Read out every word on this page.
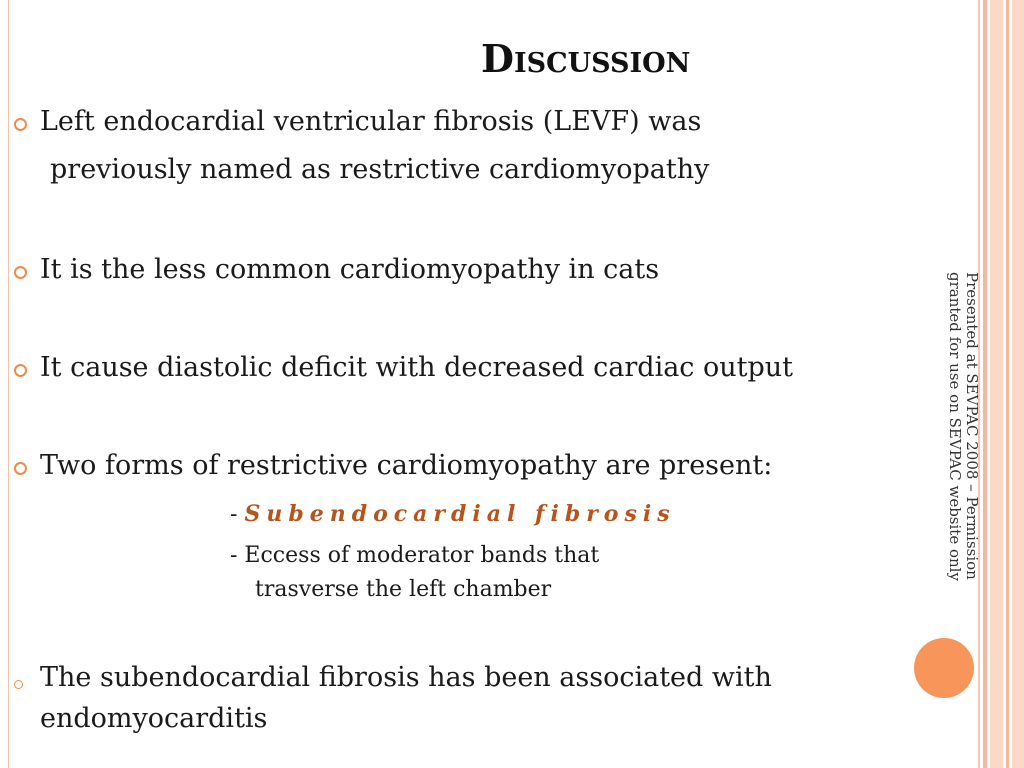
Discussion
Left endocardial ventricular fibrosis (LEVF) was
previously named as restrictive cardiomyopathy
It is the less common cardiomyopathy in cats
It cause diastolic deficit with decreased cardiac output
Two forms of restrictive cardiomyopathy are present:
- Subendocardial fibrosis
- Eccess of moderator bands that
trasverse the left chamber
The subendocardial fibrosis has been associated with
endomyocarditis
Presented at SEVPAC 2008 – Permission
granted for use on SEVPAC website only
